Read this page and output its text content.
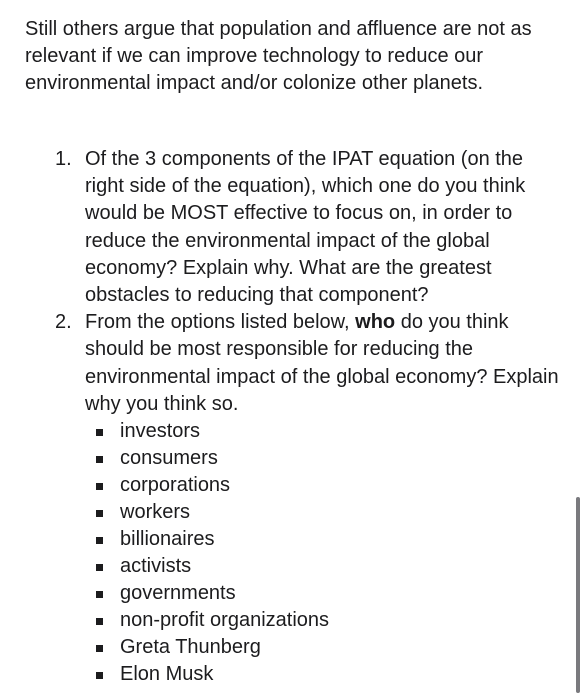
Still others argue that population and affluence are not as relevant if we can improve technology to reduce our environmental impact and/or colonize other planets.

1. Of the 3 components of the IPAT equation (on the right side of the equation), which one do you think would be MOST effective to focus on, in order to reduce the environmental impact of the global economy? Explain why. What are the greatest obstacles to reducing that component?
2. From the options listed below, who do you think should be most responsible for reducing the environmental impact of the global economy? Explain why you think so.
investors
consumers
corporations
workers
billionaires
activists
governments
non-profit organizations
Greta Thunberg
Elon Musk
